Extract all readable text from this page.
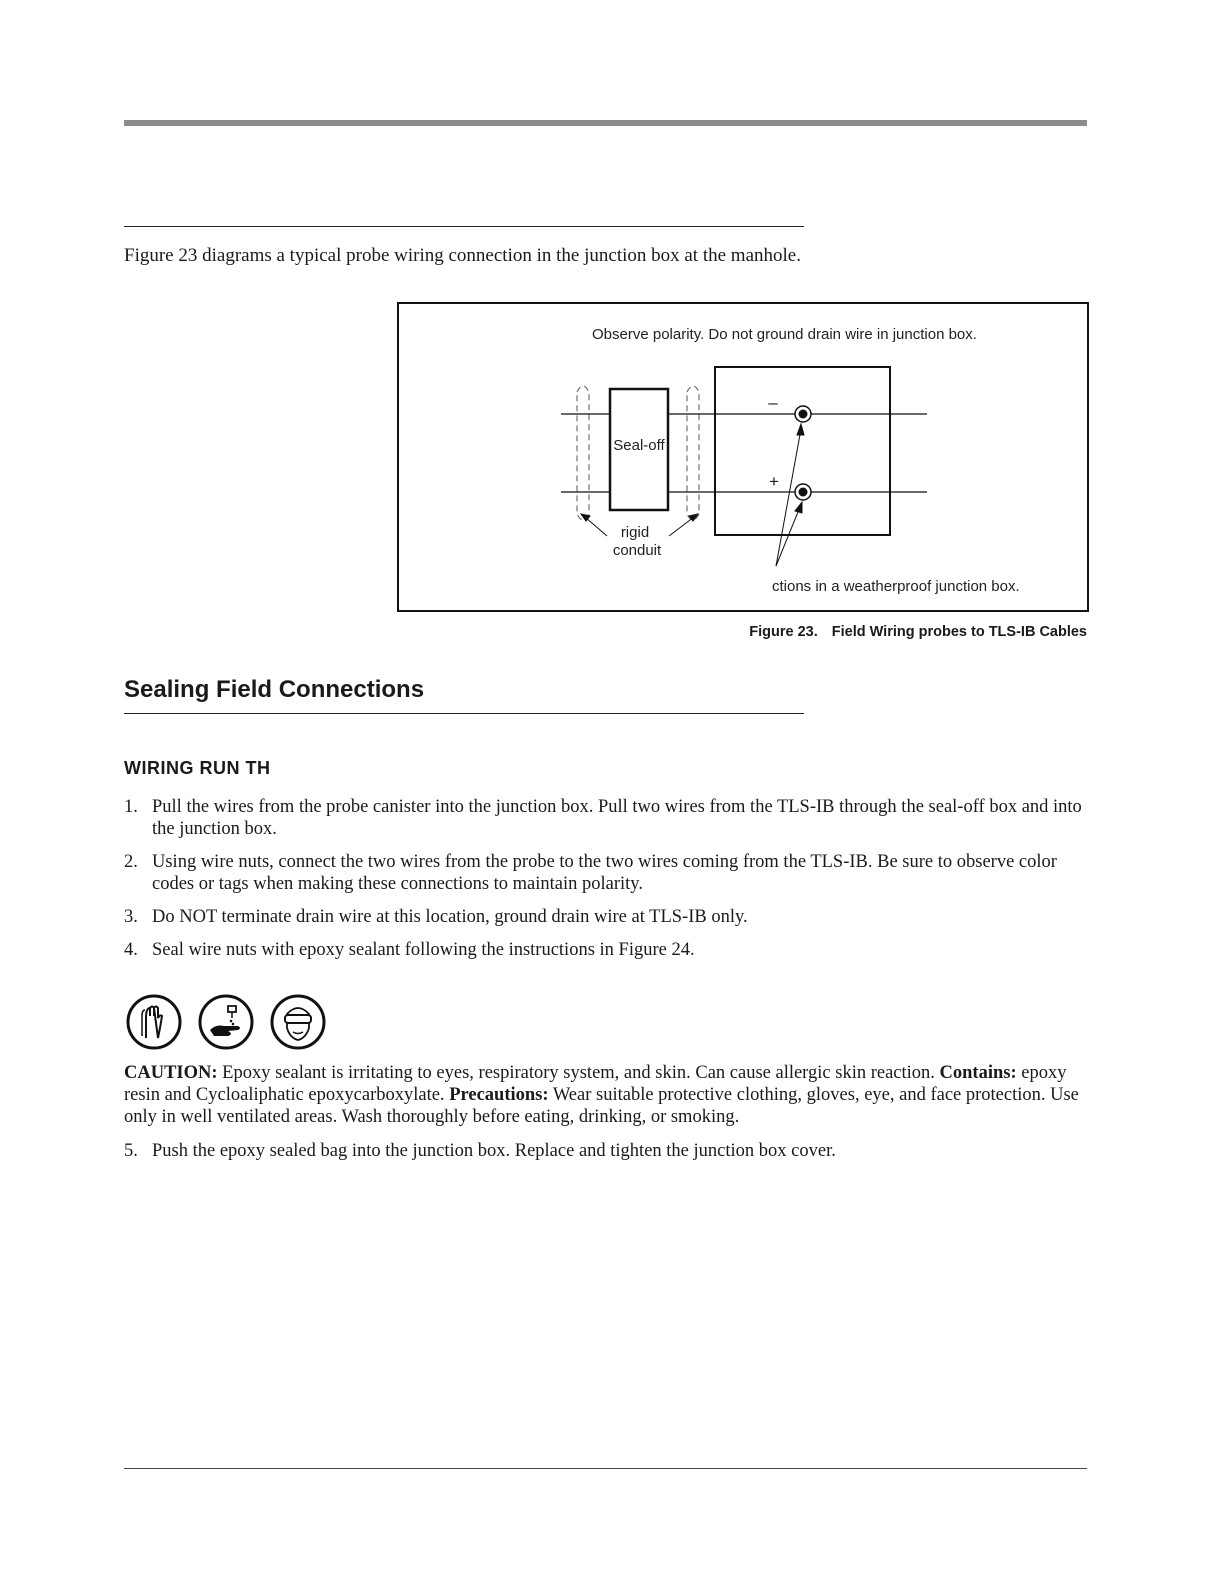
Figure 23 diagrams a typical probe wiring connection in the junction box at the manhole.
Observe polarity. Do not ground drain wire in junction box.
Seal-off
–
+
rigid
conduit
ctions in a weatherproof junction box.
Figure 23. Field Wiring probes to TLS-IB Cables
Sealing Field Connections
WIRING RUN TH
1. Pull the wires from the probe canister into the junction box. Pull two wires from the TLS-IB through the seal-off box and into the junction box.
2. Using wire nuts, connect the two wires from the probe to the two wires coming from the TLS-IB. Be sure to observe color codes or tags when making these connections to maintain polarity.
3. Do NOT terminate drain wire at this location, ground drain wire at TLS-IB only.
4. Seal wire nuts with epoxy sealant following the instructions in Figure 24.
CAUTION: Epoxy sealant is irritating to eyes, respiratory system, and skin. Can cause allergic skin reaction. Contains: epoxy resin and Cycloaliphatic epoxycarboxylate. Precautions: Wear suitable protective clothing, gloves, eye, and face protection. Use only in well ventilated areas. Wash thoroughly before eating, drinking, or smoking.
5. Push the epoxy sealed bag into the junction box. Replace and tighten the junction box cover.
